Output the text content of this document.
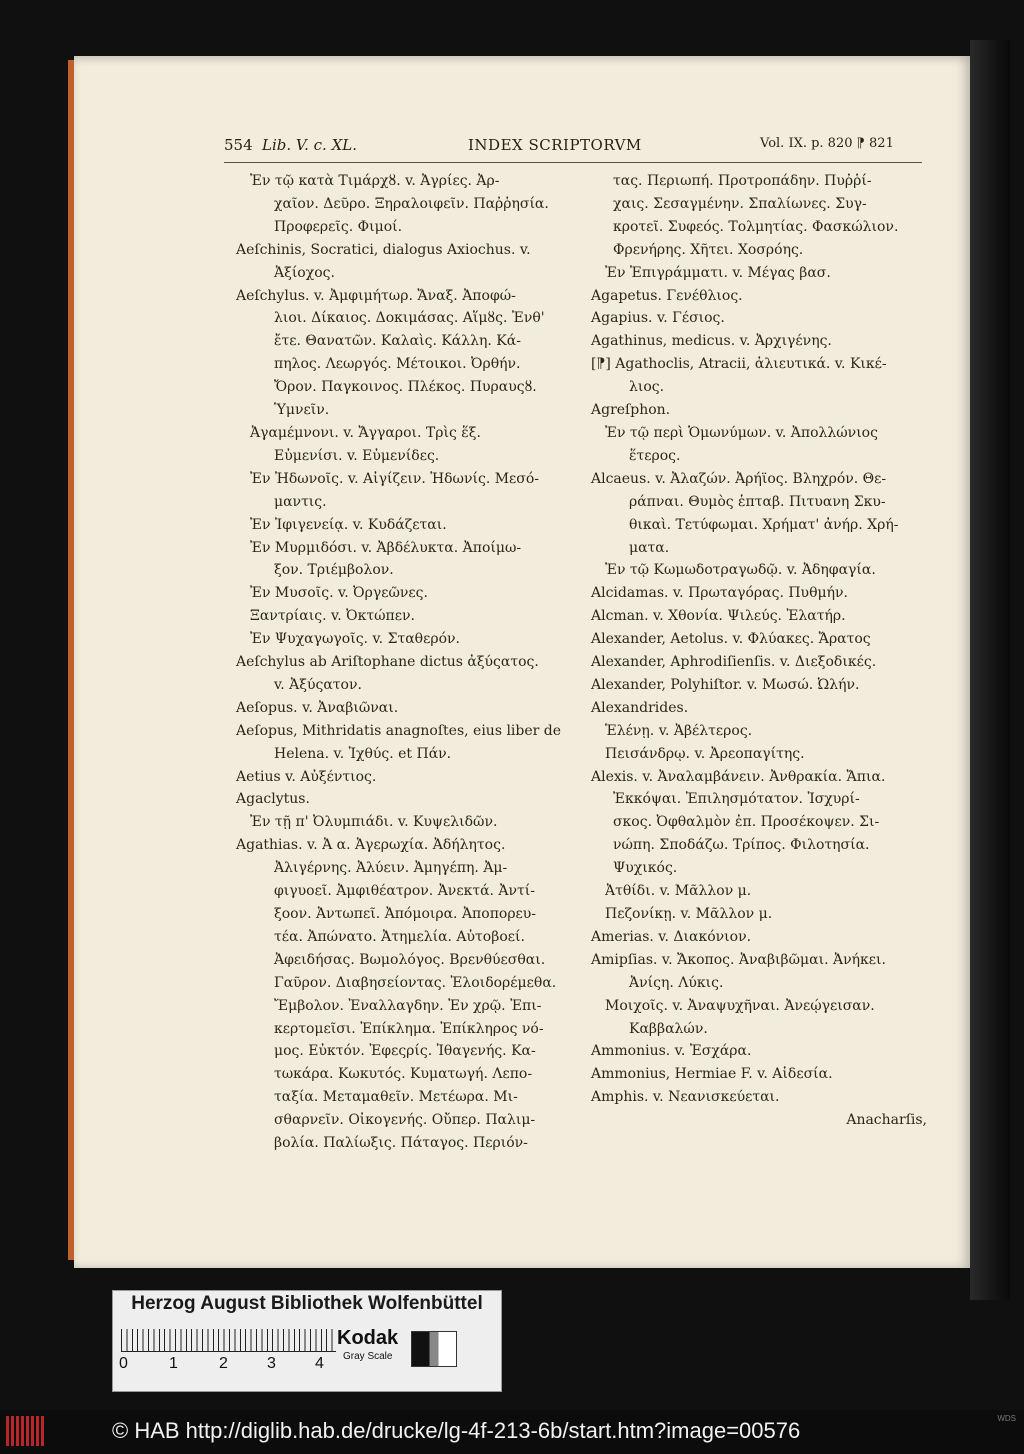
554 Lib. V. c. XL.	INDEX SCRIPTORVM	Vol. IX. p. 820 ⁋ 821
Ἐν τῷ κατὰ Τιμάρχȣ. v. Ἀγρίες. Ἀρ-
χαῖον. Δεῦρο. Ξηραλοιφεῖν. Παῤῥησία.
Προφερεῖς. Φιμοί.
Aeſchinis, Socratici, dialogus Axiochus. v.
Ἀξίοχος.
Aeſchylus. v. Ἀμφιμήτωρ. Ἄναξ. Ἀποφώ-
λιοι. Δίκαιος. Δοκιμάσας. Αἵμȣς. Ἐνθ'
ἔτε. Θανατῶν. Καλαὶς. Κάλλη. Κά-
πηλος. Λεωργός. Μέτοικοι. Ὀρθήν.
Ὄρον. Παγκοινος. Πλέκος. Πυραυςȣ.
Ὑμνεῖν.
Ἀγαμέμνονι. v. Ἄγγαροι. Τρὶς ἕξ.
Εὐμενίσι. v. Εὐμενίδες.
Ἐν Ἠδωνοῖς. v. Αἰγίζειν. Ἡδωνίς. Μεσό-
μαντις.
Ἐν Ἰφιγενείᾳ. v. Κυδάζεται.
Ἐν Μυρμιδόσι. v. Ἀβδέλυκτα. Ἀποίμω-
ξον. Τριέμβολον.
Ἐν Μυσοῖς. v. Ὀργεῶνες.
Ξαντρίαις. v. Ὀκτώπεν.
Ἐν Ψυχαγωγοῖς. v. Σταθερόν.
Aeſchylus ab Ariſtophane dictus ἀξύςατος.
v. Ἀξύςατον.
Aeſopus. v. Ἀναβιῶναι.
Aeſopus, Mithridatis anagnoſtes, eius liber de
Helena. v. Ἰχθύς. et Πάν.
Aetius v. Αὐξέντιος.
Agaclytus.
Ἐν τῇ π' Ὀλυμπιάδι. v. Κυψελιδῶν.
Agathias. v. Ἀ α. Ἀγερωχία. Ἀδήλητος.
Ἀλιγέρνης. Ἀλύειν. Ἀμηγέπη. Ἀμ-
φιγυοεῖ. Ἀμφιθέατρον. Ἀνεκτά. Ἀντί-
ξοον. Ἀντωπεῖ. Ἀπόμοιρα. Ἀποπορευ-
τέα. Ἀπώνατο. Ἀτημελία. Αὐτοβοεί.
Ἀφειδήσας. Βωμολόγος. Βρενθύεσθαι.
Γαῦρον. Διαβησείοντας. Ἐλοιδορέμεθα.
Ἔμβολον. Ἐναλλαγδην. Ἐν χρῷ. Ἐπι-
κερτομεῖσι. Ἐπίκλημα. Ἐπίκληρος νό-
μος. Εὐκτόν. Ἐφεςρίς. Ἰθαγενής. Κα-
τωκάρα. Κωκυτός. Κυματωγή. Λεπο-
ταξία. Μεταμαθεῖν. Μετέωρα. Μι-
σθαρνεῖν. Οἰκογενής. Οὔπερ. Παλιμ-
βολία. Παλίωξις. Πάταγος. Περιόν-
τας. Περιωπή. Προτροπάδην. Πυῤῥί-
χαις. Σεσαγμένην. Σπαλίωνες. Συγ-
κροτεῖ. Συφεός. Τολμητίας. Φασκώλιον.
Φρενήρης. Χῆτει. Χοσρόης.
Ἐν Ἐπιγράμματι. v. Μέγας βασ.
Agapetus. Γενέθλιος.
Agapius. v. Γέσιος.
Agathinus, medicus. v. Ἀρχιγένης.
[⁋] Agathoclis, Atracii, ἁλιευτικά. v. Κικέ-
λιος.
Agreſphon.
Ἐν τῷ περὶ Ὁμωνύμων. v. Ἀπολλώνιος
ἕτερος.
Alcaeus. v. Ἀλαζών. Ἀρήϊος. Βληχρόν. Θε-
ράπναι. Θυμὸς ἑπταβ. Πιτυανη Σκυ-
θικαὶ. Τετύφωμαι. Χρήματ' ἀνήρ. Χρή-
ματα.
Ἐν τῷ Κωμωδοτραγωδῷ. v. Ἀδηφαγία.
Alcidamas. v. Πρωταγόρας. Πυθμήν.
Alcman. v. Χθονία. Ψιλεύς. Ἐλατήρ.
Alexander, Aetolus. v. Φλύακες. Ἄρατος
Alexander, Aphrodiſienſis. v. Διεξοδικές.
Alexander, Polyhiſtor. v. Μωσώ. Ὠλήν.
Alexandrides.
Ἑλένῃ. v. Ἀβέλτερος.
Πεισάνδρῳ. v. Ἀρεοπαγίτης.
Alexis. v. Ἀναλαμβάνειν. Ἀνθρακία. Ἄπια.
Ἐκκόψαι. Ἐπιλησμότατον. Ἰσχυρί-
σκος. Ὀφθαλμὸν ἐπ. Προσέκοψεν. Σι-
νώπη. Σποδάζω. Τρίπος. Φιλοτησία.
Ψυχικός.
Ἀτθίδι. v. Μᾶλλον μ.
Πεζονίκῃ. v. Μᾶλλον μ.
Amerias. v. Διακόνιον.
Amipſias. v. Ἄκοπος. Ἀναβιβῶμαι. Ἀνήκει.
Ἀνίςη. Λύκις.
Μοιχοῖς. v. Ἀναψυχῆναι. Ἀνεῴγεισαν.
Καββαλών.
Ammonius. v. Ἐσχάρα.
Ammonius, Hermiae F. v. Αἰδεσία.
Amphis. v. Νεανισκεύεται.
Anacharſis,
Herzog August Bibliothek Wolfenbüttel
0	1	2 3 4
Kodak
Gray Scale
© HAB http://diglib.hab.de/drucke/lg-4f-213-6b/start.htm?image=00576	WDS
